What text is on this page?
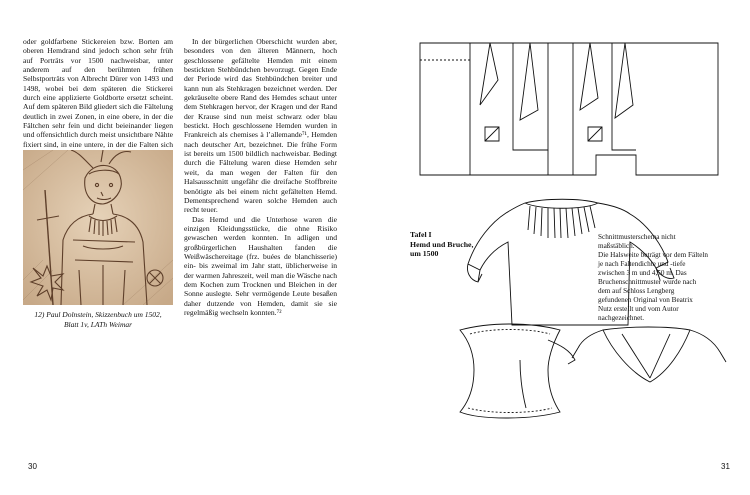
oder goldfarbene Stickereien bzw. Borten am oberen Hemdrand sind jedoch schon sehr früh auf Porträts vor 1500 nachweisbar, unter anderem auf den berühmten frühen Selbstporträts von Albrecht Dürer von 1493 und 1498, wobei bei dem späteren die Stickerei durch eine applizierte Goldborte ersetzt scheint. Auf dem späteren Bild gliedert sich die Fältelung deutlich in zwei Zonen, in eine obere, in der die Fältchen sehr fein und dicht beieinander liegen und offensichtlich durch meist unsichtbare Nähte fixiert sind, in eine untere, in der die Falten sich

12) Paul Dolnstein, Skizzenbuch um 1502,
Blatt 1v, LATh Weimar

In der bürgerlichen Oberschicht wurden aber, besonders von den älteren Männern, hoch geschlossene gefältelte Hemden mit einem bestickten Stehbündchen bevorzugt. Gegen Ende der Periode wird das Stehbündchen breiter und kann nun als Stehkragen bezeichnet werden. Der gekräuselte obere Rand des Hemdes schaut unter dem Stehkragen hervor, der Kragen und der Rand der Krause sind nun meist schwarz oder blau bestickt. Hoch geschlossene Hemden wurden in Frankreich als chemises à l’allemande⁷¹, Hemden nach deutscher Art, bezeichnet. Die frühe Form ist bereits um 1500 bildlich nachweisbar. Bedingt durch die Fältelung waren diese Hemden sehr weit, da man wegen der Falten für den Halsausschnitt ungefähr die dreifache Stoffbreite benötigte als bei einem nicht gefältelten Hemd. Dementsprechend waren solche Hemden auch recht teuer.

Das Hemd und die Unterhose waren die einzigen Kleidungsstücke, die ohne Risiko gewaschen werden konnten. In adligen und großbürgerlichen Haushalten fanden die Weißwäschereitage (frz. buées de blanchisserie) ein- bis zweimal im Jahr statt, üblicherweise in der warmen Jahreszeit, weil man die Wäsche nach dem Kochen zum Trocknen und Bleichen in der Sonne auslegte. Sehr vermögende Leute besaßen daher dutzende von Hemden, damit sie sie regelmäßig wechseln konnten.⁷²

30
Tafel I
Hemd und Bruche,
um 1500

Schnittmusterschema nicht maßstäblich.

Die Halsweite beträgt vor dem Fälteln je nach Faltendichte und -tiefe zwischen 3 m und 4,50 m. Das Bruchenschnittmuster wurde nach dem auf Schloss Lengberg gefundenen Original von Beatrix Nutz erstellt und vom Autor nachgezeichnet.

31
